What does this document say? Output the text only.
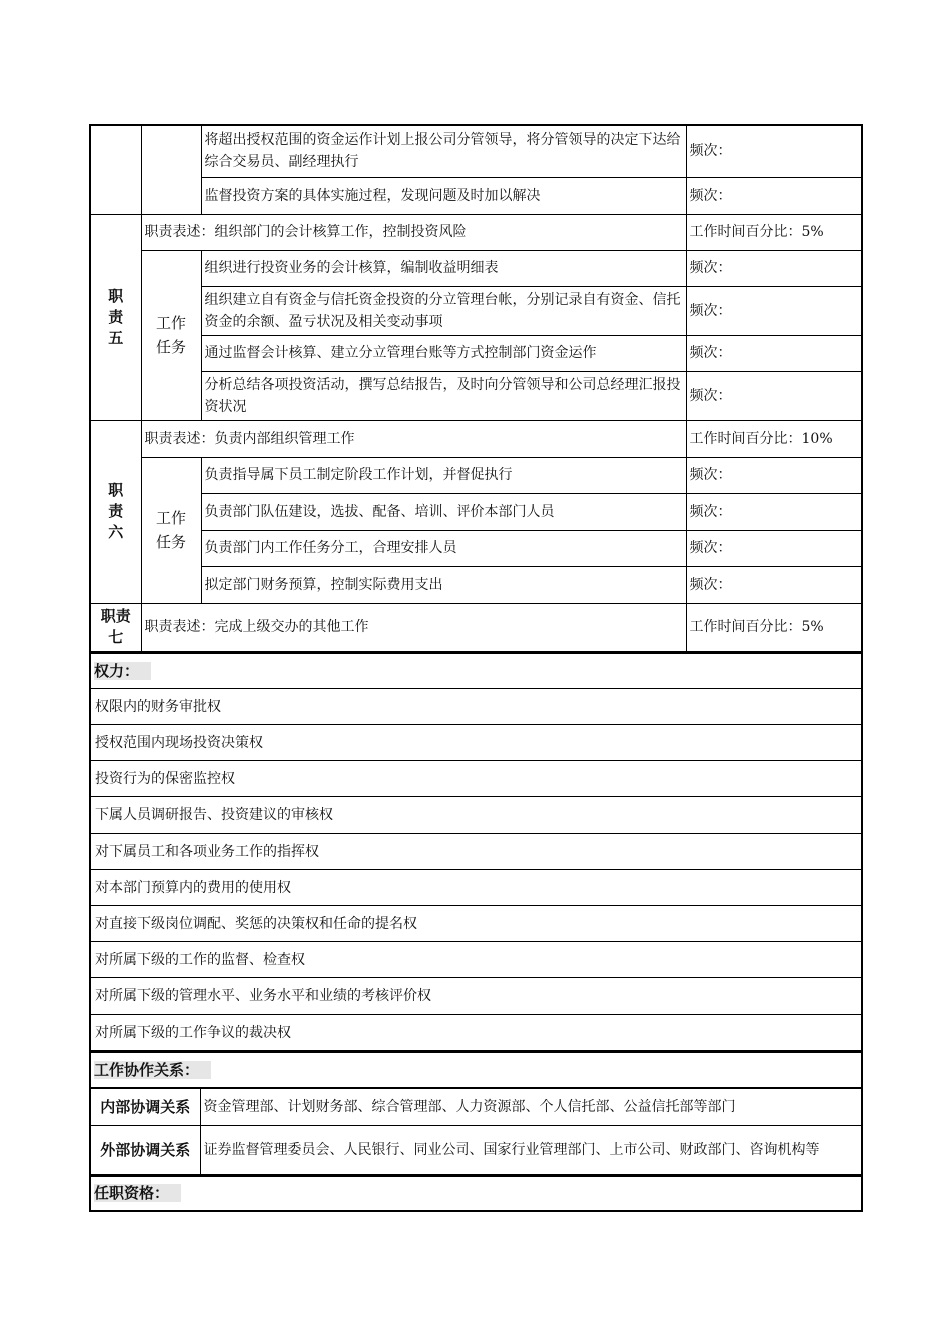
		将超出授权范围的资金运作计划上报公司分管领导，将分管领导的决定下达给综合交易员、副经理执行	频次：
		监督投资方案的具体实施过程，发现问题及时加以解决	频次：
职
责
五	职责表述：组织部门的会计核算工作，控制投资风险		工作时间百分比：5%
	工作
任务	组织进行投资业务的会计核算，编制收益明细表	频次：
		组织建立自有资金与信托资金投资的分立管理台帐，分别记录自有资金、信托资金的余额、盈亏状况及相关变动事项	频次：
		通过监督会计核算、建立分立管理台账等方式控制部门资金运作	频次：
		分析总结各项投资活动，撰写总结报告，及时向分管领导和公司总经理汇报投资状况	频次：
职
责
六	职责表述：负责内部组织管理工作		工作时间百分比：10%
	工作
任务	负责指导属下员工制定阶段工作计划，并督促执行	频次：
		负责部门队伍建设，选拔、配备、培训、评价本部门人员	频次：
		负责部门内工作任务分工，合理安排人员	频次：
		拟定部门财务预算，控制实际费用支出	频次：
职责
七	职责表述：完成上级交办的其他工作		工作时间百分比：5%
权力：
权限内的财务审批权
授权范围内现场投资决策权
投资行为的保密监控权
下属人员调研报告、投资建议的审核权
对下属员工和各项业务工作的指挥权
对本部门预算内的费用的使用权
对直接下级岗位调配、奖惩的决策权和任命的提名权
对所属下级的工作的监督、检查权
对所属下级的管理水平、业务水平和业绩的考核评价权
对所属下级的工作争议的裁决权
工作协作关系：	
内部协调关系	资金管理部、计划财务部、综合管理部、人力资源部、个人信托部、公益信托部等部门
外部协调关系	证券监督管理委员会、人民银行、同业公司、国家行业管理部门、上市公司、财政部门、咨询机构等
任职资格：
